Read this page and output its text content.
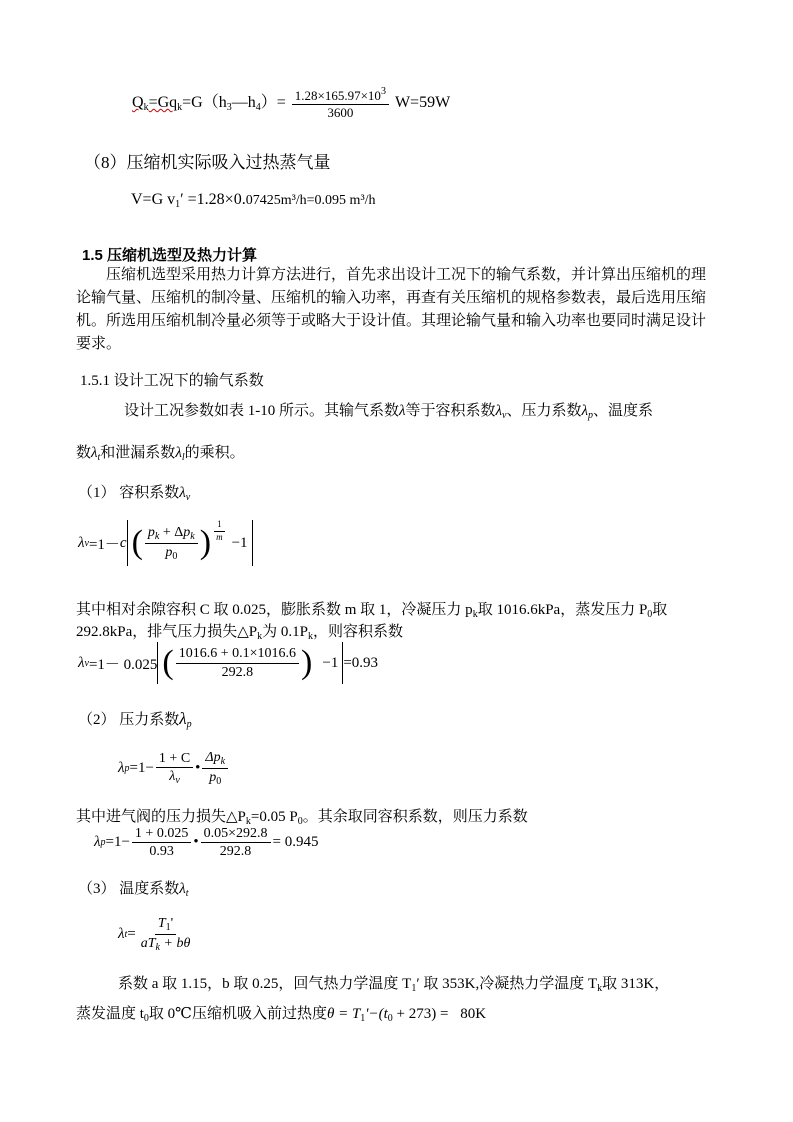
$Q_k=Gq_k=G(h_3—h_4)= \frac{1.28\times 165.97\times 10^3}{3600} W=59W$
（8）压缩机实际吸入过热蒸气量
V=G $v_1' =1.28\times 0.07425m^3/h=0.095$ m³/h
1.5 压缩机选型及热力计算
压缩机选型采用热力计算方法进行，首先求出设计工况下的输气系数，并计算出压缩机的理论输气量、压缩机的制冷量、压缩机的输入功率，再查有关压缩机的规格参数表，最后选用压缩机。所选用压缩机制冷量必须等于或略大于设计值。其理论输气量和输入功率也要同时满足设计要求。
1.5.1 设计工况下的输气系数
设计工况参数如表 1-10 所示。其输气系数λ等于容积系数$\lambda_v$、压力系数$\lambda_p$、温度系
数$\lambda_t$和泄漏系数$\lambda_l$的乘积。
（1） 容积系数$\lambda_v$
λ v =1－ c ( $\frac{p_k + \Delta p_k}{p_0}$ ) $\frac{1}{m} -1$
其中相对余隙容积 C 取 0.025，膨胀系数 m 取 1，冷凝压力 $p_k$取 1016.6kPa，蒸发压力 $P_0$取
292.8kPa，排气压力损失$\triangle P_k$为 $0.1P_k$，则容积系数
λ v =1－ 0.025 ( $\frac{1016.6 + 0.1\times 1016.6}{292.8}$ ) −1 =0.93
（2） 压力系数$\lambda_p$
λ $p =1- \frac{1 + C}{\lambda_v}$ • $\frac{\Delta p_k}{p_0}$
其中进气阀的压力损失$\triangle P_k=0.05$ $P_0$。其余取同容积系数，则压力系数
λ $p =1- \frac{1 + 0.025}{0.93}$ • $\frac{0.05\times 292.8}{292.8} = 0.945$
（3） 温度系数$\lambda_t$
λ $t = \frac{T_1'}{aT_k + b\theta}$
系数 a 取 1.15，b 取 0.25，回气热力学温度 $T_1'$ 取 353K,冷凝热力学温度 $T_k$取 313K，
蒸发温度 $t_0$取 0℃压缩机吸入前过热度$\theta = T_1'-(t_0 + 273) = 80K$
